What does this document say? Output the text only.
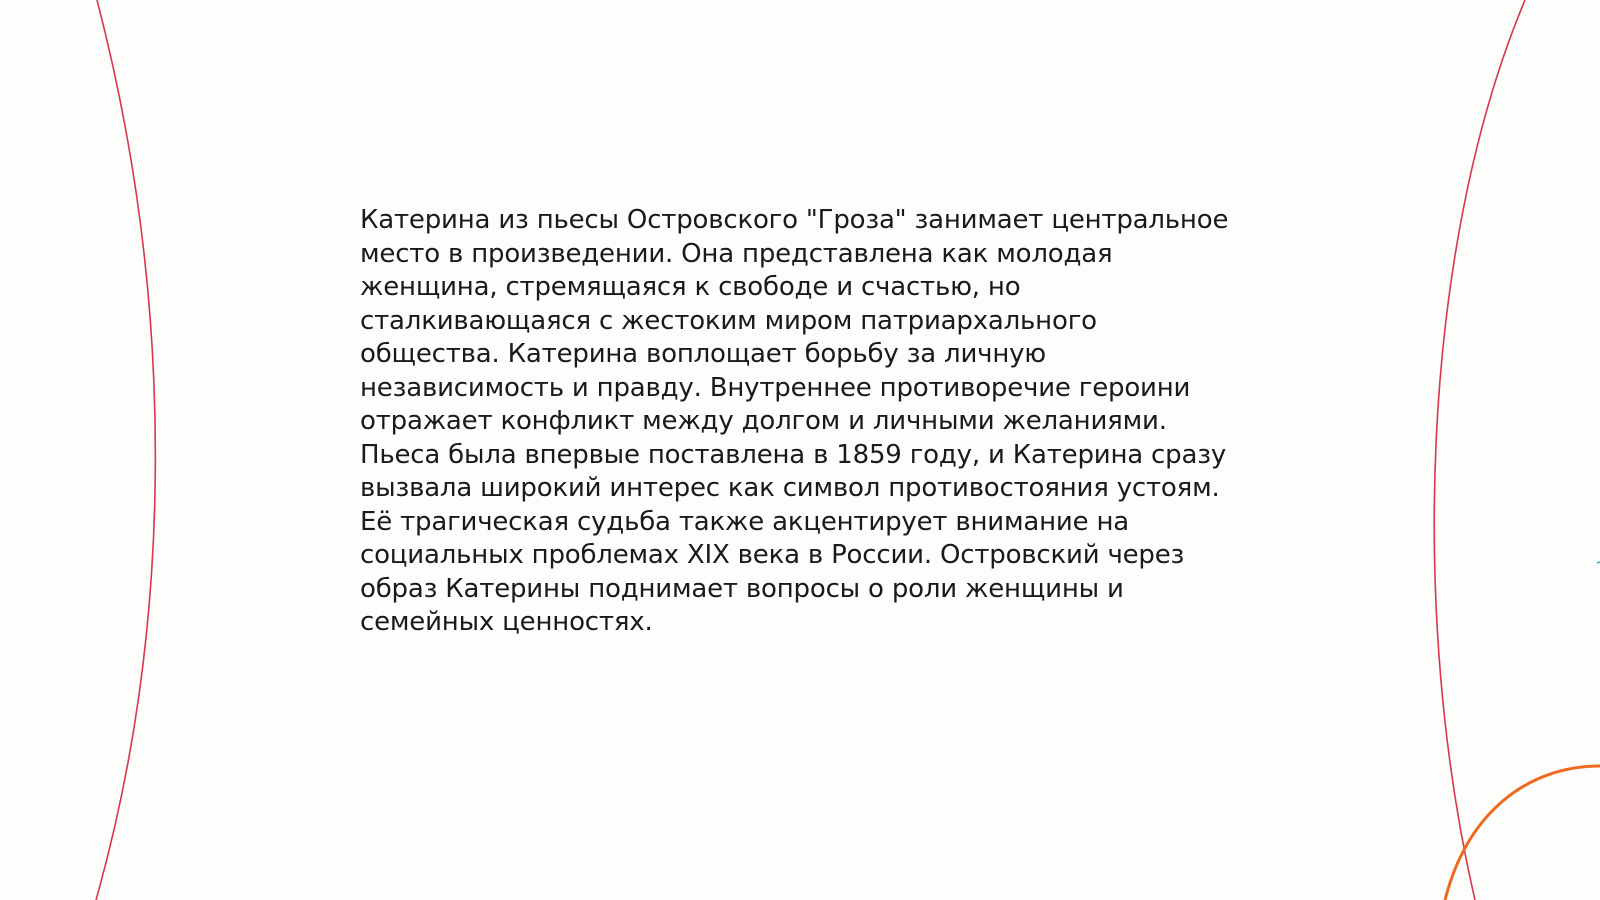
Катерина из пьесы Островского "Гроза" занимает центральное место в произведении. Она представлена как молодая женщина, стремящаяся к свободе и счастью, но сталкивающаяся с жестоким миром патриархального общества. Катерина воплощает борьбу за личную независимость и правду. Внутреннее противоречие героини отражает конфликт между долгом и личными желаниями. Пьеса была впервые поставлена в 1859 году, и Катерина сразу вызвала широкий интерес как символ противостояния устоям. Её трагическая судьба также акцентирует внимание на социальных проблемах XIX века в России. Островский через образ Катерины поднимает вопросы о роли женщины и семейных ценностях.
